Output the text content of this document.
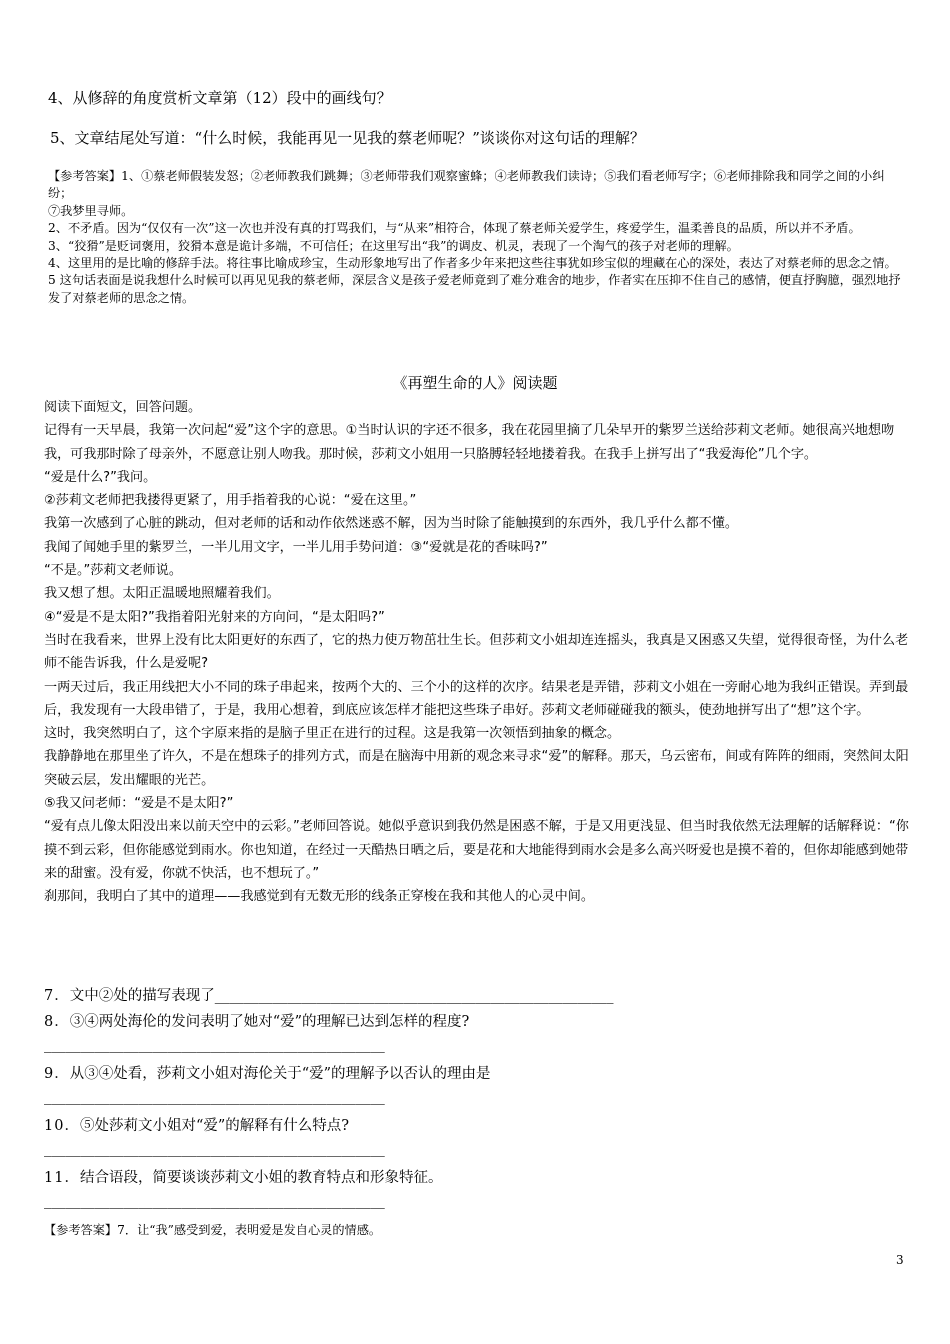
4、从修辞的角度赏析文章第（12）段中的画线句？
5、文章结尾处写道：“什么时候，我能再见一见我的蔡老师呢？”谈谈你对这句话的理解？

【参考答案】1、①蔡老师假装发怒；②老师教我们跳舞；③老师带我们观察蜜蜂；④老师教我们读诗；⑤我们看老师写字；⑥老师排除我和同学之间的小纠纷；

⑦我梦里寻师。

2、不矛盾。因为“仅仅有一次”这一次也并没有真的打骂我们，与“从来”相符合，体现了蔡老师关爱学生，疼爱学生，温柔善良的品质，所以并不矛盾。

3、“狡猾”是贬词褒用，狡猾本意是诡计多端，不可信任；在这里写出“我”的调皮、机灵，表现了一个淘气的孩子对老师的理解。

4、这里用的是比喻的修辞手法。将往事比喻成珍宝，生动形象地写出了作者多少年来把这些往事犹如珍宝似的埋藏在心的深处，表达了对蔡老师的思念之情。

5 这句话表面是说我想什么时候可以再见见我的蔡老师，深层含义是孩子爱老师竟到了难分难舍的地步，作者实在压抑不住自己的感情，便直抒胸臆，强烈地抒发了对蔡老师的思念之情。

《再塑生命的人》阅读题

阅读下面短文，回答问题。

记得有一天早晨，我第一次问起“爱”这个字的意思。①当时认识的字还不很多，我在花园里摘了几朵早开的紫罗兰送给莎莉文老师。她很高兴地想吻我，可我那时除了母亲外，不愿意让别人吻我。那时候，莎莉文小姐用一只胳膊轻轻地搂着我。在我手上拼写出了“我爱海伦”几个字。

“爱是什么?”我问。

②莎莉文老师把我搂得更紧了，用手指着我的心说：“爱在这里。”

我第一次感到了心脏的跳动，但对老师的话和动作依然迷惑不解，因为当时除了能触摸到的东西外，我几乎什么都不懂。

我闻了闻她手里的紫罗兰，一半儿用文字，一半儿用手势问道：③“爱就是花的香味吗?”

“不是。”莎莉文老师说。

我又想了想。太阳正温暖地照耀着我们。

④“爱是不是太阳?”我指着阳光射来的方向问，“是太阳吗?”

当时在我看来，世界上没有比太阳更好的东西了，它的热力使万物茁壮生长。但莎莉文小姐却连连摇头，我真是又困惑又失望，觉得很奇怪，为什么老师不能告诉我，什么是爱呢?

一两天过后，我正用线把大小不同的珠子串起来，按两个大的、三个小的这样的次序。结果老是弄错，莎莉文小姐在一旁耐心地为我纠正错误。弄到最后，我发现有一大段串错了，于是，我用心想着，到底应该怎样才能把这些珠子串好。莎莉文老师碰碰我的额头，使劲地拼写出了“想”这个字。

这时，我突然明白了，这个字原来指的是脑子里正在进行的过程。这是我第一次领悟到抽象的概念。

我静静地在那里坐了许久，不是在想珠子的排列方式，而是在脑海中用新的观念来寻求“爱”的解释。那天，乌云密布，间或有阵阵的细雨，突然间太阳突破云层，发出耀眼的光芒。

⑤我又问老师：“爱是不是太阳?”

“爱有点儿像太阳没出来以前天空中的云彩。”老师回答说。她似乎意识到我仍然是困惑不解，于是又用更浅显、但当时我依然无法理解的话解释说：“你摸不到云彩，但你能感觉到雨水。你也知道，在经过一天酷热日晒之后，要是花和大地能得到雨水会是多么高兴呀爱也是摸不着的，但你却能感到她带来的甜蜜。没有爱，你就不快活，也不想玩了。”

刹那间，我明白了其中的道理——我感觉到有无数无形的线条正穿梭在我和其他人的心灵中间。

7．文中②处的描写表现了_______________________________________________________
8．③④两处海伦的发问表明了她对“爱”的理解已达到怎样的程度?
_______________________________________________
9．从③④处看，莎莉文小姐对海伦关于“爱”的理解予以否认的理由是
_______________________________________________
10．⑤处莎莉文小姐对“爱”的解释有什么特点?
_______________________________________________
11．结合语段，简要谈谈莎莉文小姐的教育特点和形象特征。
_______________________________________________
【参考答案】7．让“我”感受到爱，表明爱是发自心灵的情感。
3
